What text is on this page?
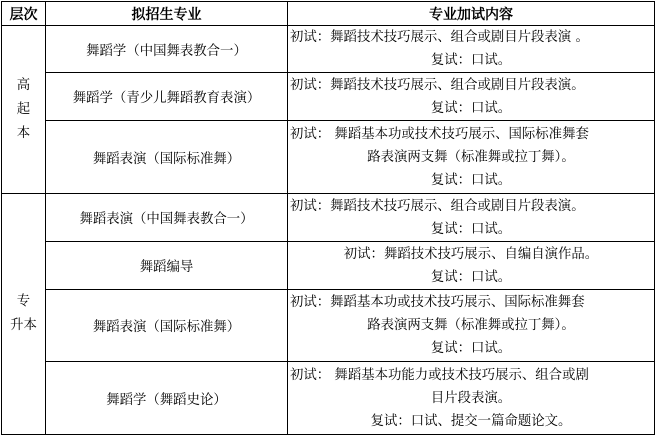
层次	拟招生专业	专业加试内容

高
起
本	舞蹈学（中国舞表教合一）	初试：舞蹈技术技巧展示、组合或剧目片段表演 。
复试：口试。

	舞蹈学（青少儿舞蹈教育表演）	初试：舞蹈技术技巧展示、组合或剧目片段表演。
复试：口试。

	舞蹈表演（国际标准舞）	初试： 舞蹈基本功或技术技巧展示、国际标准舞套
路表演两支舞（标准舞或拉丁舞）。
复试：口试。

专
升本	舞蹈表演（中国舞表教合一）	初试：舞蹈技术技巧展示、组合或剧目片段表演。
复试：口试。

	舞蹈编导	初试：舞蹈技术技巧展示、自编自演作品。
复试：口试。

	舞蹈表演（国际标准舞）	初试：舞蹈基本功或技术技巧展示、国际标准舞套
路表演两支舞（标准舞或拉丁舞）。
复试：口试。

	舞蹈学（舞蹈史论）	初试： 舞蹈基本功能力或技术技巧展示、组合或剧
目片段表演。
复试：口试、提交一篇命题论文。
